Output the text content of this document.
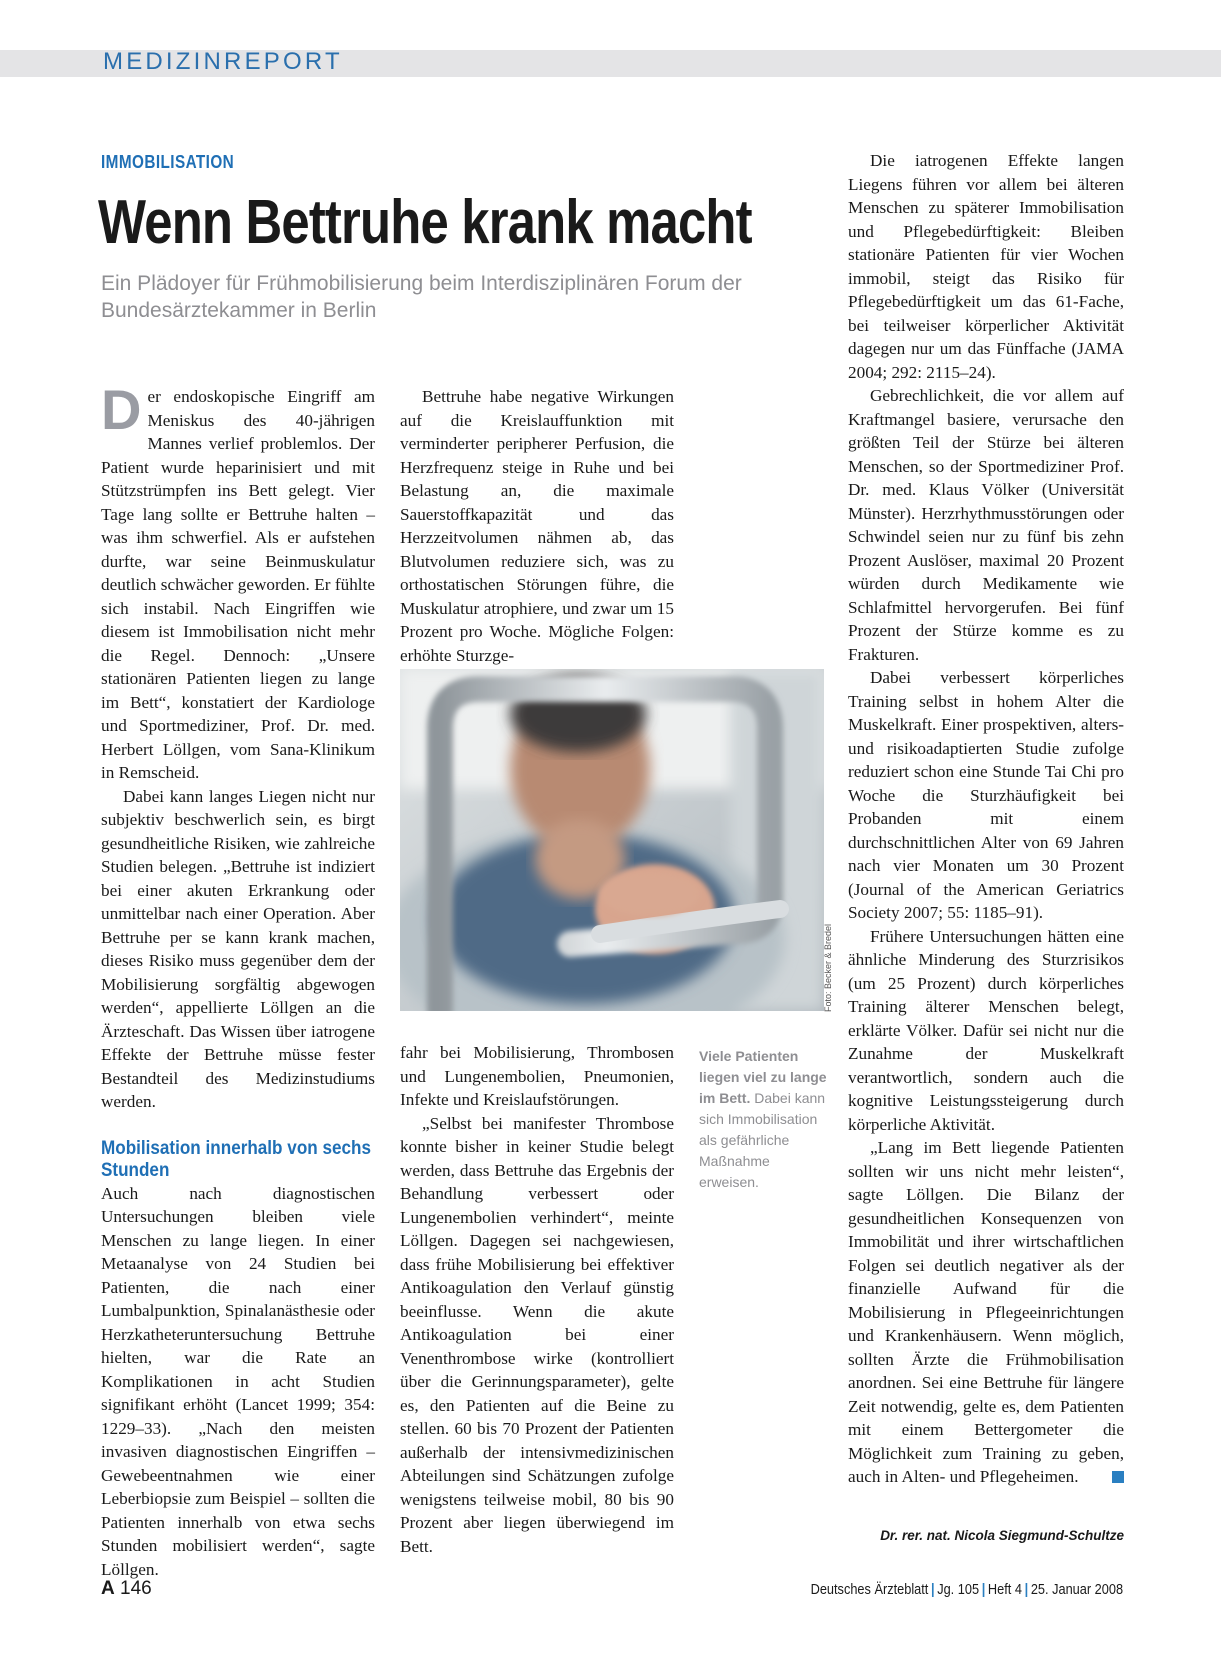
MEDIZINREPORT
IMMOBILISATION
Wenn Bettruhe krank macht
Ein Plädoyer für Frühmobilisierung beim Interdisziplinären Forum der Bundesärztekammer in Berlin

Der endoskopische Eingriff am Meniskus des 40-jährigen Mannes verlief problemlos. Der Patient wurde heparinisiert und mit Stützstrümpfen ins Bett gelegt. Vier Tage lang sollte er Bettruhe halten – was ihm schwerfiel. Als er aufstehen durfte, war seine Beinmuskulatur deutlich schwächer geworden. Er fühlte sich instabil. Nach Eingriffen wie diesem ist Immobilisation nicht mehr die Regel. Dennoch: „Unsere stationären Patienten liegen zu lange im Bett“, konstatiert der Kardiologe und Sportmediziner, Prof. Dr. med. Herbert Löllgen, vom Sana-Klinikum in Remscheid.

Dabei kann langes Liegen nicht nur subjektiv beschwerlich sein, es birgt gesundheitliche Risiken, wie zahlreiche Studien belegen. „Bettruhe ist indiziert bei einer akuten Erkrankung oder unmittelbar nach einer Operation. Aber Bettruhe per se kann krank machen, dieses Risiko muss gegenüber dem der Mobilisierung sorgfältig abgewogen werden“, appellierte Löllgen an die Ärzteschaft. Das Wissen über iatrogene Effekte der Bettruhe müsse fester Bestandteil des Medizinstudiums werden.

Mobilisation innerhalb von sechs Stunden

Auch nach diagnostischen Untersuchungen bleiben viele Menschen zu lange liegen. In einer Metaanalyse von 24 Studien bei Patienten, die nach einer Lumbalpunktion, Spinalanästhesie oder Herzkatheteruntersuchung Bettruhe hielten, war die Rate an Komplikationen in acht Studien signifikant erhöht (Lancet 1999; 354: 1229–33). „Nach den meisten invasiven diagnostischen Eingriffen – Gewebeentnahmen wie einer Leberbiopsie zum Beispiel – sollten die Patienten innerhalb von etwa sechs Stunden mobilisiert werden“, sagte Löllgen.

Bettruhe habe negative Wirkungen auf die Kreislauffunktion mit verminderter peripherer Perfusion, die Herzfrequenz steige in Ruhe und bei Belastung an, die maximale Sauerstoffkapazität und das Herzzeitvolumen nähmen ab, das Blutvolumen reduziere sich, was zu orthostatischen Störungen führe, die Muskulatur atrophiere, und zwar um 15 Prozent pro Woche. Mögliche Folgen: erhöhte Sturzge-

Foto: Becker & Bredel
Viele Patienten liegen viel zu lange im Bett. Dabei kann sich Immobilisation als gefährliche Maßnahme erweisen.

fahr bei Mobilisierung, Thrombosen und Lungenembolien, Pneumonien, Infekte und Kreislaufstörungen.

„Selbst bei manifester Thrombose konnte bisher in keiner Studie belegt werden, dass Bettruhe das Ergebnis der Behandlung verbessert oder Lungenembolien verhindert“, meinte Löllgen. Dagegen sei nachgewiesen, dass frühe Mobilisierung bei effektiver Antikoagulation den Verlauf günstig beeinflusse. Wenn die akute Antikoagulation bei einer Venenthrombose wirke (kontrolliert über die Gerinnungsparameter), gelte es, den Patienten auf die Beine zu stellen. 60 bis 70 Prozent der Patienten außerhalb der intensivmedizinischen Abteilungen sind Schätzungen zufolge wenigstens teilweise mobil, 80 bis 90 Prozent aber liegen überwiegend im Bett.

Die iatrogenen Effekte langen Liegens führen vor allem bei älteren Menschen zu späterer Immobilisation und Pflegebedürftigkeit: Bleiben stationäre Patienten für vier Wochen immobil, steigt das Risiko für Pflegebedürftigkeit um das 61-Fache, bei teilweiser körperlicher Aktivität dagegen nur um das Fünffache (JAMA 2004; 292: 2115–24).

Gebrechlichkeit, die vor allem auf Kraftmangel basiere, verursache den größten Teil der Stürze bei älteren Menschen, so der Sportmediziner Prof. Dr. med. Klaus Völker (Universität Münster). Herzrhythmusstörungen oder Schwindel seien nur zu fünf bis zehn Prozent Auslöser, maximal 20 Prozent würden durch Medikamente wie Schlafmittel hervorgerufen. Bei fünf Prozent der Stürze komme es zu Frakturen.

Dabei verbessert körperliches Training selbst in hohem Alter die Muskelkraft. Einer prospektiven, alters- und risikoadaptierten Studie zufolge reduziert schon eine Stunde Tai Chi pro Woche die Sturzhäufigkeit bei Probanden mit einem durchschnittlichen Alter von 69 Jahren nach vier Monaten um 30 Prozent (Journal of the American Geriatrics Society 2007; 55: 1185–91).

Frühere Untersuchungen hätten eine ähnliche Minderung des Sturzrisikos (um 25 Prozent) durch körperliches Training älterer Menschen belegt, erklärte Völker. Dafür sei nicht nur die Zunahme der Muskelkraft verantwortlich, sondern auch die kognitive Leistungssteigerung durch körperliche Aktivität.

„Lang im Bett liegende Patienten sollten wir uns nicht mehr leisten“, sagte Löllgen. Die Bilanz der gesundheitlichen Konsequenzen von Immobilität und ihrer wirtschaftlichen Folgen sei deutlich negativer als der finanzielle Aufwand für die Mobilisierung in Pflegeeinrichtungen und Krankenhäusern. Wenn möglich, sollten Ärzte die Frühmobilisation anordnen. Sei eine Bettruhe für längere Zeit notwendig, gelte es, dem Patienten mit einem Bettergometer die Möglichkeit zum Training zu geben, auch in Alten- und Pflegeheimen.

Dr. rer. nat. Nicola Siegmund-Schultze
A 146	Deutsches Ärzteblatt | Jg. 105 | Heft 4 | 25. Januar 2008
